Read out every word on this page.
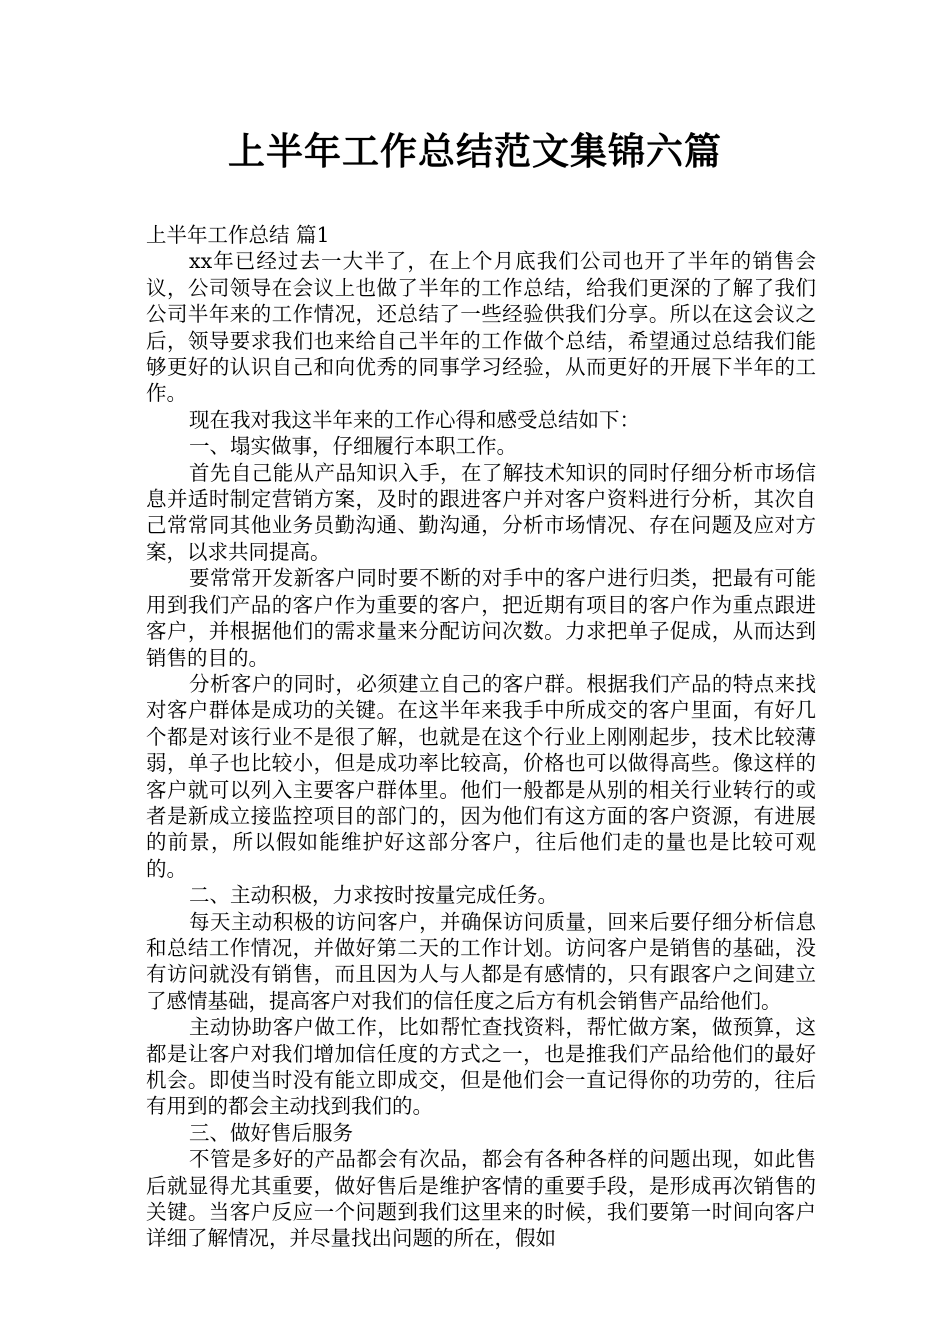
上半年工作总结范文集锦六篇

上半年工作总结 篇1

xx年已经过去一大半了，在上个月底我们公司也开了半年的销售会议，公司领导在会议上也做了半年的工作总结，给我们更深的了解了我们公司半年来的工作情况，还总结了一些经验供我们分享。所以在这会议之后，领导要求我们也来给自己半年的工作做个总结，希望通过总结我们能够更好的认识自己和向优秀的同事学习经验，从而更好的开展下半年的工作。

现在我对我这半年来的工作心得和感受总结如下：

一、塌实做事，仔细履行本职工作。

首先自己能从产品知识入手，在了解技术知识的同时仔细分析市场信息并适时制定营销方案，及时的跟进客户并对客户资料进行分析，其次自己常常同其他业务员勤沟通、勤沟通，分析市场情况、存在问题及应对方案，以求共同提高。

要常常开发新客户同时要不断的对手中的客户进行归类，把最有可能用到我们产品的客户作为重要的客户，把近期有项目的客户作为重点跟进客户，并根据他们的需求量来分配访问次数。力求把单子促成，从而达到销售的目的。

分析客户的同时，必须建立自己的客户群。根据我们产品的特点来找对客户群体是成功的关键。在这半年来我手中所成交的客户里面，有好几个都是对该行业不是很了解，也就是在这个行业上刚刚起步，技术比较薄弱，单子也比较小，但是成功率比较高，价格也可以做得高些。像这样的客户就可以列入主要客户群体里。他们一般都是从别的相关行业转行的或者是新成立接监控项目的部门的，因为他们有这方面的客户资源，有进展的前景，所以假如能维护好这部分客户，往后他们走的量也是比较可观的。

二、主动积极，力求按时按量完成任务。

每天主动积极的访问客户，并确保访问质量，回来后要仔细分析信息和总结工作情况，并做好第二天的工作计划。访问客户是销售的基础，没有访问就没有销售，而且因为人与人都是有感情的，只有跟客户之间建立了感情基础，提高客户对我们的信任度之后方有机会销售产品给他们。

主动协助客户做工作，比如帮忙查找资料，帮忙做方案，做预算，这都是让客户对我们增加信任度的方式之一，也是推我们产品给他们的最好机会。即使当时没有能立即成交，但是他们会一直记得你的功劳的，往后有用到的都会主动找到我们的。

三、做好售后服务

不管是多好的产品都会有次品，都会有各种各样的问题出现，如此售后就显得尤其重要，做好售后是维护客情的重要手段，是形成再次销售的关键。当客户反应一个问题到我们这里来的时候，我们要第一时间向客户详细了解情况，并尽量找出问题的所在，假如
